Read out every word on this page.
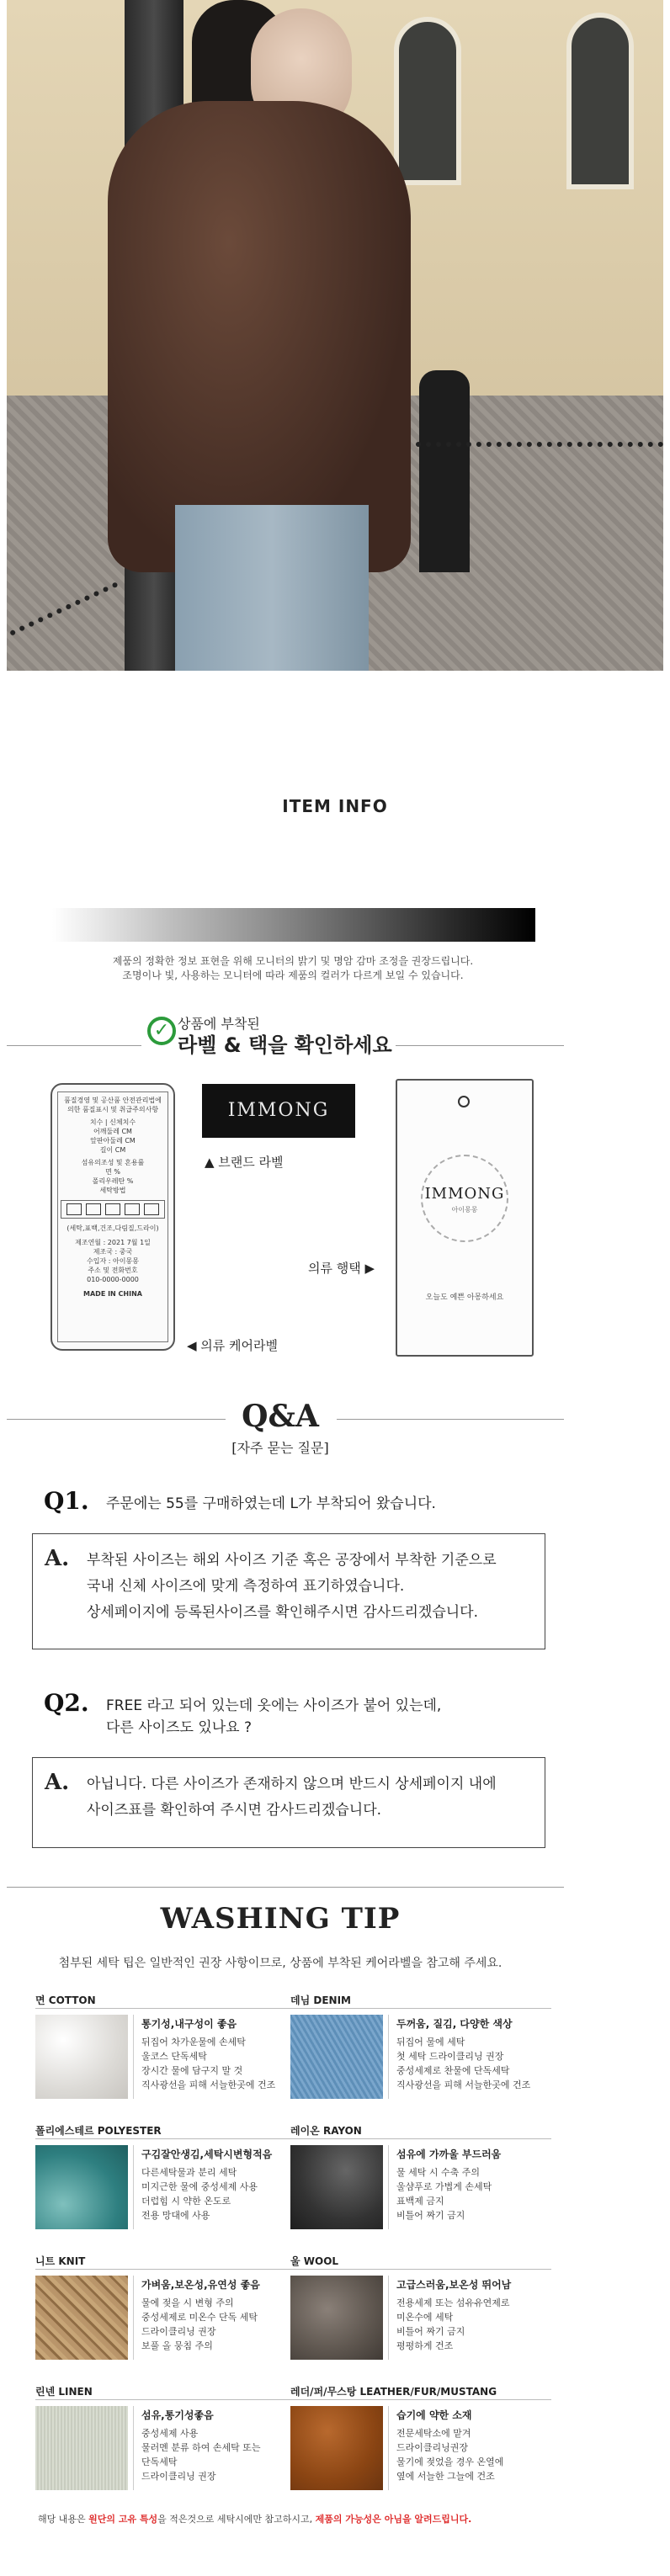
ITEM INFO
제품의 정확한 정보 표현을 위해 모니터의 밝기 및 명암 감마 조정을 권장드립니다.
조명이나 빛, 사용하는 모니터에 따라 제품의 컬러가 다르게 보일 수 있습니다.
✓ 상품에 부착된
라벨 & 택을 확인하세요
품질경영 및 공산품 안전관리법에
의한 품질표시 및 취급주의사항
치수 | 신체치수
어깨둘레 CM
앞판아둘레 CM
길이 CM
섬유의조성 및 혼용률
면 %
폴리우레탄 %
세탁방법
(세탁,표백,건조,다림질,드라이)
제조연월 : 2021 7월 1일
제조국 : 중국
수입자 : 아이몽몽
주소 및 전화번호
010-0000-0000
MADE IN CHINA
IMMONG
▲ 브랜드 라벨
의류 행택 ▶
◀ 의류 케어라벨
IMMONG
아이몽몽
오늘도 예쁜 아몽하세요
Q&A
[자주 묻는 질문]
Q1. 주문에는 55를 구매하였는데 L가 부착되어 왔습니다.
A. 부착된 사이즈는 해외 사이즈 기준 혹은 공장에서 부착한 기준으로
국내 신체 사이즈에 맞게 측정하여 표기하였습니다.
상세페이지에 등록된사이즈를 확인해주시면 감사드리겠습니다.
Q2. FREE 라고 되어 있는데 옷에는 사이즈가 붙어 있는데,
다른 사이즈도 있나요 ?
A. 아닙니다. 다른 사이즈가 존재하지 않으며 반드시 상세페이지 내에
사이즈표를 확인하여 주시면 감사드리겠습니다.
WASHING TIP
첨부된 세탁 팁은 일반적인 권장 사항이므로, 상품에 부착된 케어라벨을 참고해 주세요.
면 COTTON
통기성,내구성이 좋음
뒤집어 차가운물에 손세탁
울코스 단독세탁
장시간 물에 담구지 말 것
직사광선을 피해 서늘한곳에 건조
데님 DENIM
두꺼움, 질김, 다양한 색상
뒤집어 물에 세탁
첫 세탁 드라이클리닝 권장
중성세제로 찬물에 단독세탁
직사광선을 피해 서늘한곳에 건조
폴리에스테르 POLYESTER
구김잘안생김,세탁시변형적음
다른세탁물과 분리 세탁
미지근한 물에 중성세제 사용
더럽힘 시 약한 온도로
전용 망대에 사용
레이온 RAYON
섬유에 가까울 부드러움
물 세탁 시 수축 주의
울샴푸로 가볍게 손세탁
표백제 금지
비틀어 짜기 금지
니트 KNIT
가벼움,보온성,유연성 좋음
물에 젖을 시 변형 주의
중성세제로 미온수 단독 세탁
드라이클리닝 권장
보풀 올 뭉침 주의
울 WOOL
고급스러움,보온성 뛰어남
전용세제 또는 섬유유연제로
미온수에 세탁
비틀어 짜기 금지
평평하게 건조
린넨 LINEN
섬유,통기성좋음
중성세제 사용
물러멘 분류 하여 손세탁 또는
단독세탁
드라이클리닝 권장
레더/퍼/무스탕 LEATHER/FUR/MUSTANG
습기에 약한 소재
전문세탁소에 맡겨
드라이클리닝권장
물기에 젖었을 경우 온열에
옆에 서늘한 그늘에 건조
해당 내용은 원단의 고유 특성을 적은것으로 세탁시에만 참고하시고, 제품의 가능성은 아님을 알려드립니다.
